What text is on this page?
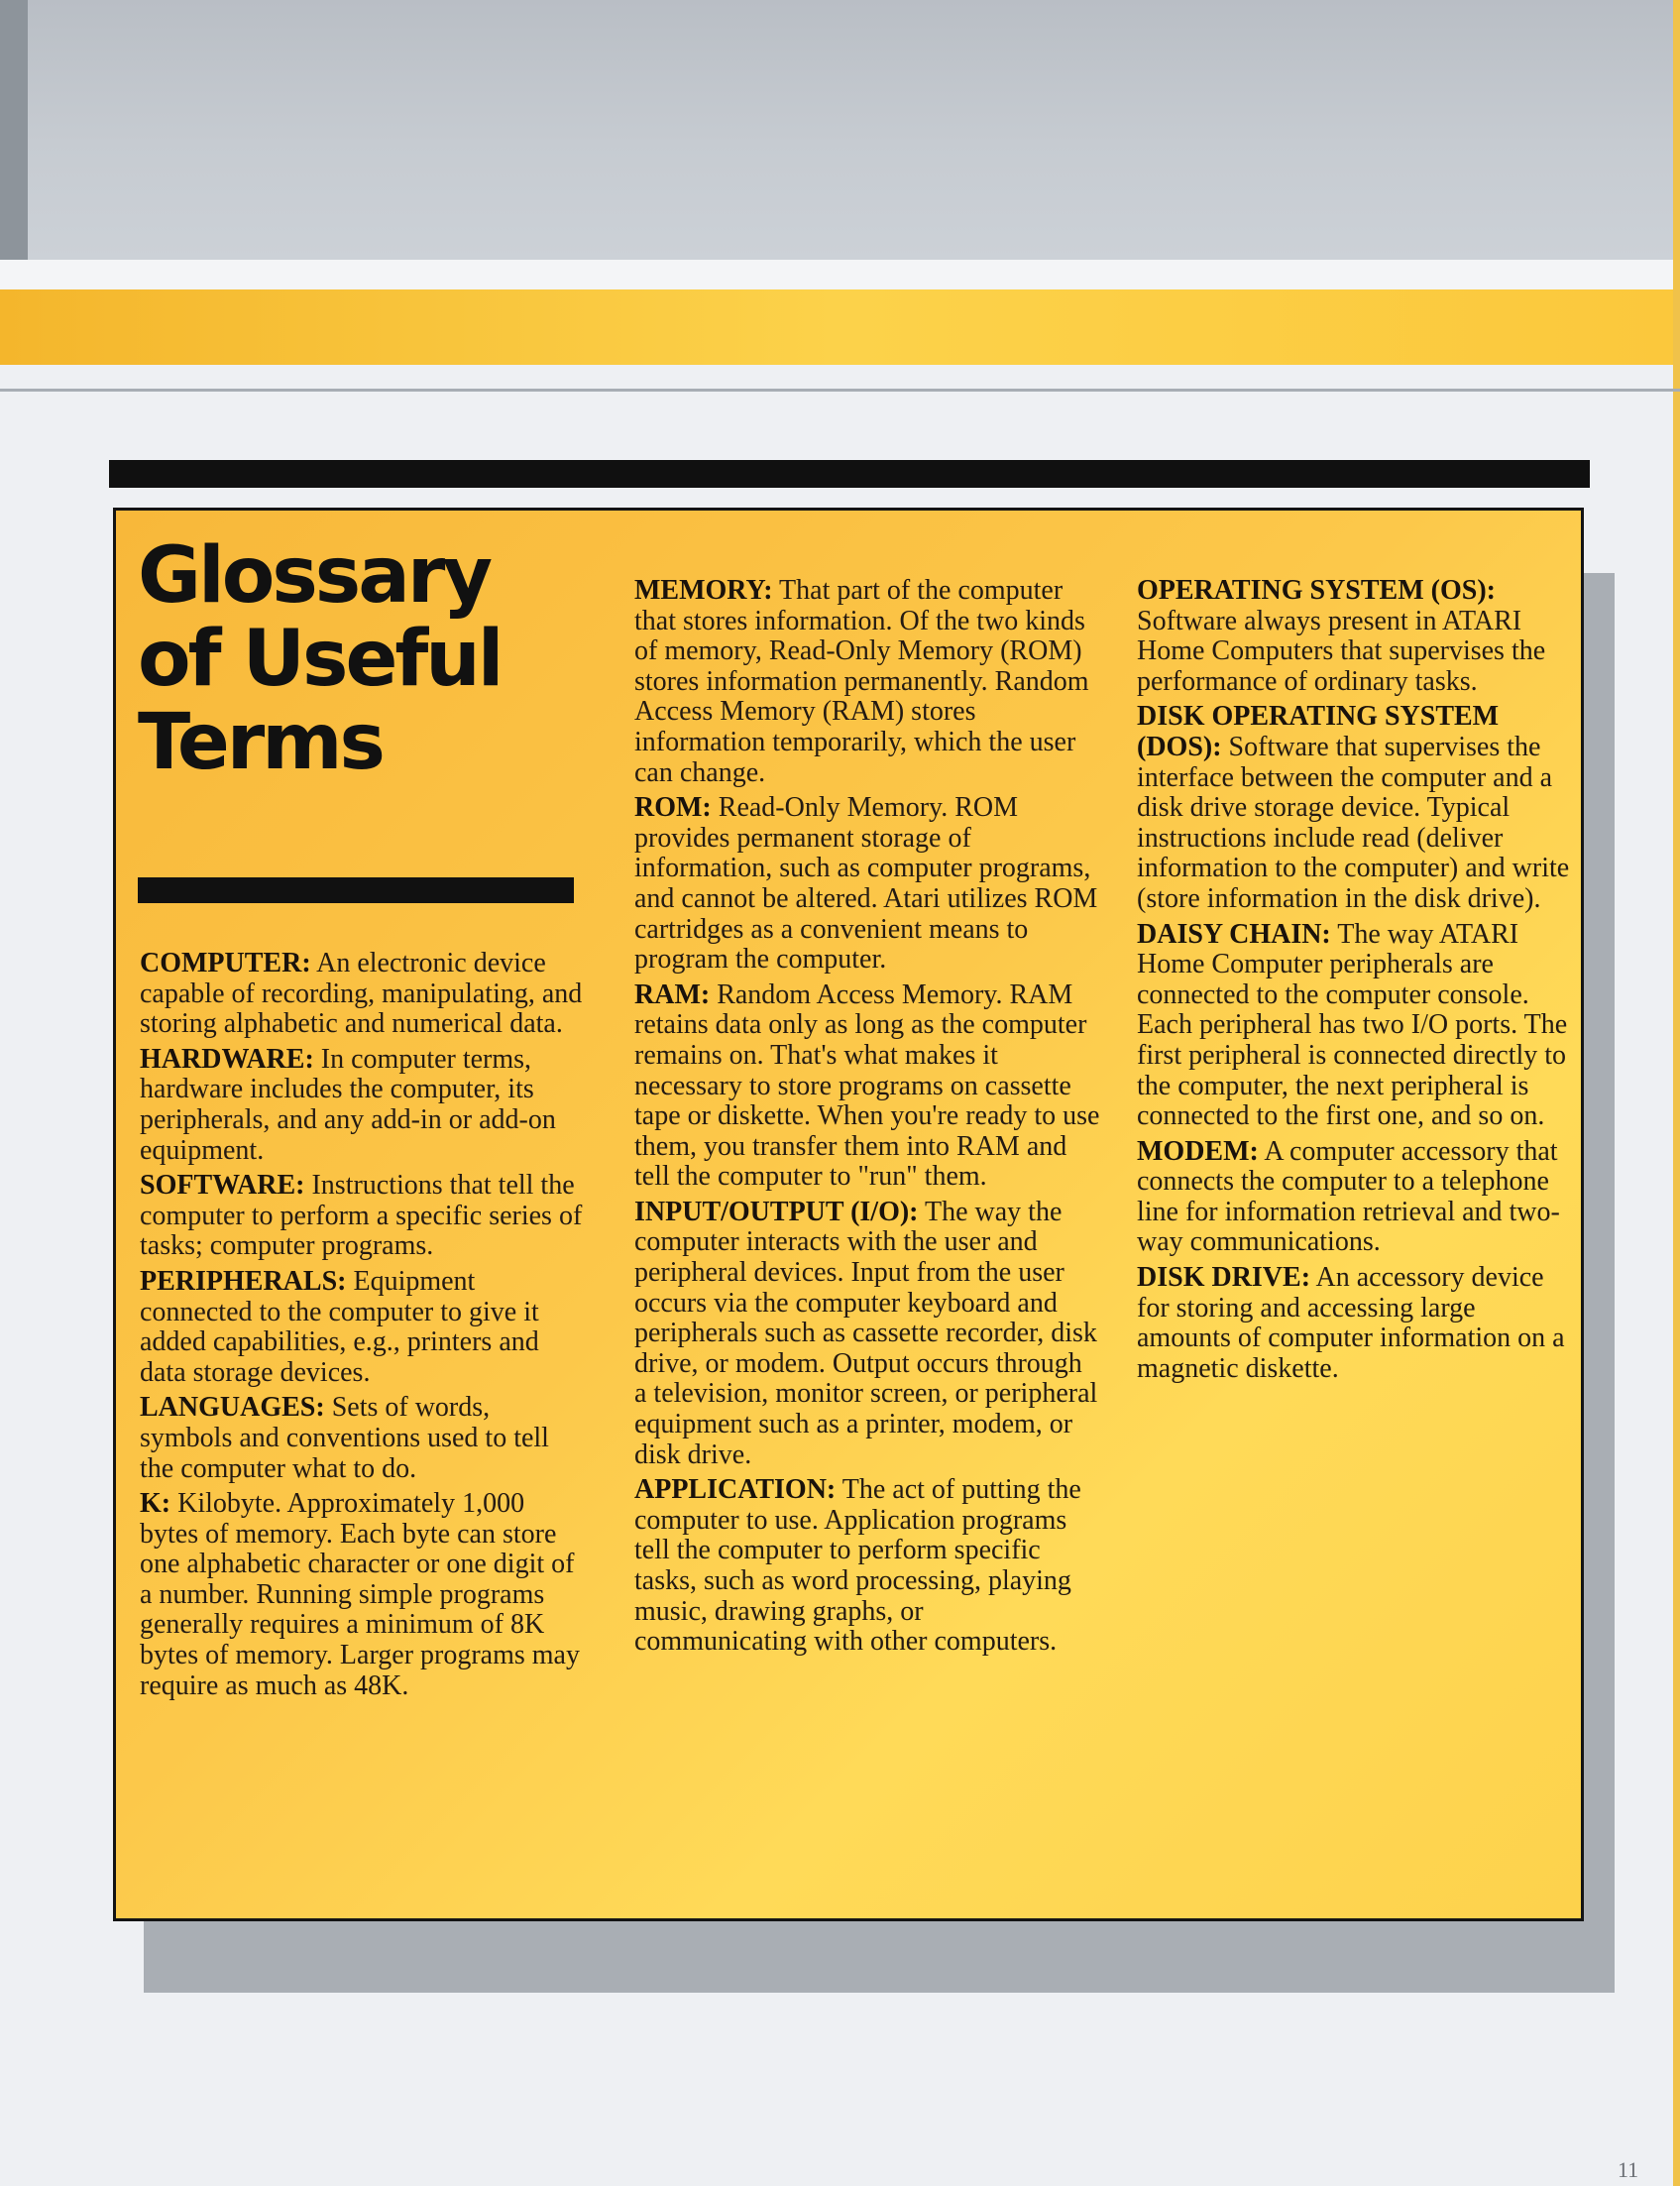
Glossary of Useful Terms

COMPUTER: An electronic device capable of recording, manipulating, and storing alphabetic and numerical data.

HARDWARE: In computer terms, hardware includes the computer, its peripherals, and any add-in or add-on equipment.

SOFTWARE: Instructions that tell the computer to perform a specific series of tasks; computer programs.

PERIPHERALS: Equipment connected to the computer to give it added capabilities, e.g., printers and data storage devices.

LANGUAGES: Sets of words, symbols and conventions used to tell the computer what to do.

K: Kilobyte. Approximately 1,000 bytes of memory. Each byte can store one alphabetic character or one digit of a number. Running simple programs generally requires a minimum of 8K bytes of memory. Larger programs may require as much as 48K.

MEMORY: That part of the computer that stores information. Of the two kinds of memory, Read-Only Memory (ROM) stores information permanently. Random Access Memory (RAM) stores information temporarily, which the user can change.

ROM: Read-Only Memory. ROM provides permanent storage of information, such as computer programs, and cannot be altered. Atari utilizes ROM cartridges as a convenient means to program the computer.

RAM: Random Access Memory. RAM retains data only as long as the computer remains on. That's what makes it necessary to store programs on cassette tape or diskette. When you're ready to use them, you transfer them into RAM and tell the computer to "run" them.

INPUT/OUTPUT (I/O): The way the computer interacts with the user and peripheral devices. Input from the user occurs via the computer keyboard and peripherals such as cassette recorder, disk drive, or modem. Output occurs through a television, monitor screen, or peripheral equipment such as a printer, modem, or disk drive.

APPLICATION: The act of putting the computer to use. Application programs tell the computer to perform specific tasks, such as word processing, playing music, drawing graphs, or communicating with other computers.

OPERATING SYSTEM (OS): Software always present in ATARI Home Computers that supervises the performance of ordinary tasks.

DISK OPERATING SYSTEM (DOS): Software that supervises the interface between the computer and a disk drive storage device. Typical instructions include read (deliver information to the computer) and write (store information in the disk drive).

DAISY CHAIN: The way ATARI Home Computer peripherals are connected to the computer console. Each peripheral has two I/O ports. The first peripheral is connected directly to the computer, the next peripheral is connected to the first one, and so on.

MODEM: A computer accessory that connects the computer to a telephone line for information retrieval and two-way communications.

DISK DRIVE: An accessory device for storing and accessing large amounts of computer information on a magnetic diskette.

11
